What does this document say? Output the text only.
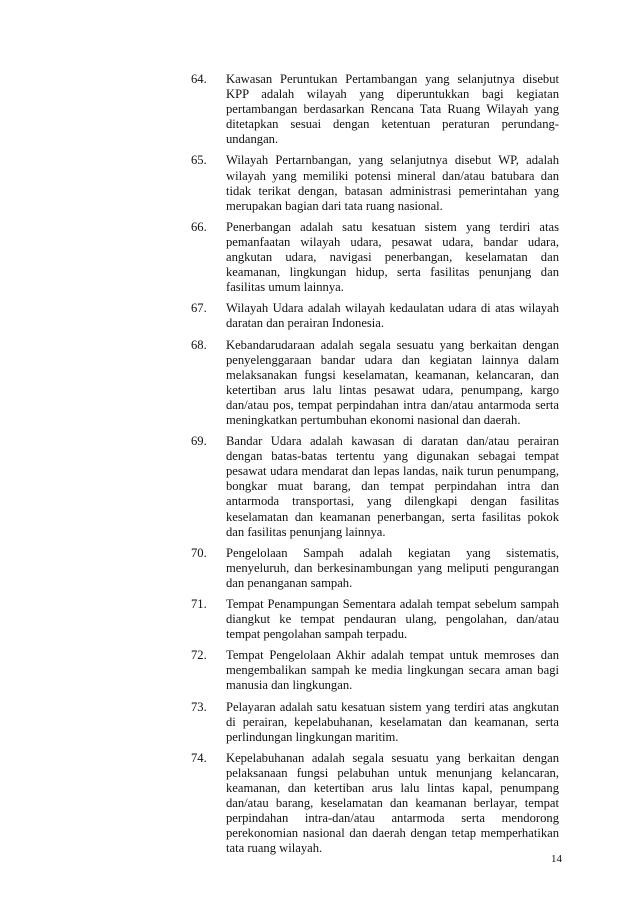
64.	Kawasan Peruntukan Pertambangan yang selanjutnya disebut KPP adalah wilayah yang diperuntukkan bagi kegiatan pertambangan berdasarkan Rencana Tata Ruang Wilayah yang ditetapkan sesuai dengan ketentuan peraturan perundang-undangan.
65.	Wilayah Pertarnbangan, yang selanjutnya disebut WP, adalah wilayah yang memiliki potensi mineral dan/atau batubara dan tidak terikat dengan, batasan administrasi pemerintahan yang merupakan bagian dari tata ruang nasional.
66.	Penerbangan adalah satu kesatuan sistem yang terdiri atas pemanfaatan wilayah udara, pesawat udara, bandar udara, angkutan udara, navigasi penerbangan, keselamatan dan keamanan, lingkungan hidup, serta fasilitas penunjang dan fasilitas umum lainnya.
67.	Wilayah Udara adalah wilayah kedaulatan udara di atas wilayah daratan dan perairan Indonesia.
68.	Kebandarudaraan adalah segala sesuatu yang berkaitan dengan penyelenggaraan bandar udara dan kegiatan lainnya dalam melaksanakan fungsi keselamatan, keamanan, kelancaran, dan ketertiban arus lalu lintas pesawat udara, penumpang, kargo dan/atau pos, tempat perpindahan intra dan/atau antarmoda serta meningkatkan pertumbuhan ekonomi nasional dan daerah.
69.	Bandar Udara adalah kawasan di daratan dan/atau perairan dengan batas-batas tertentu yang digunakan sebagai tempat pesawat udara mendarat dan lepas landas, naik turun penumpang, bongkar muat barang, dan tempat perpindahan intra dan antarmoda transportasi, yang dilengkapi dengan fasilitas keselamatan dan keamanan penerbangan, serta fasilitas pokok dan fasilitas penunjang lainnya.
70.	Pengelolaan Sampah adalah kegiatan yang sistematis, menyeluruh, dan berkesinambungan yang meliputi pengurangan dan penanganan sampah.
71.	Tempat Penampungan Sementara adalah tempat sebelum sampah diangkut ke tempat pendauran ulang, pengolahan, dan/atau tempat pengolahan sampah terpadu.
72.	Tempat Pengelolaan Akhir adalah tempat untuk memroses dan mengembalikan sampah ke media lingkungan secara aman bagi manusia dan lingkungan.
73.	Pelayaran adalah satu kesatuan sistem yang terdiri atas angkutan di perairan, kepelabuhanan, keselamatan dan keamanan, serta perlindungan lingkungan maritim.
74.	Kepelabuhanan adalah segala sesuatu yang berkaitan dengan pelaksanaan fungsi pelabuhan untuk menunjang kelancaran, keamanan, dan ketertiban arus lalu lintas kapal, penumpang dan/atau barang, keselamatan dan keamanan berlayar, tempat perpindahan intra-dan/atau antarmoda serta mendorong perekonomian nasional dan daerah dengan tetap memperhatikan tata ruang wilayah.
14
